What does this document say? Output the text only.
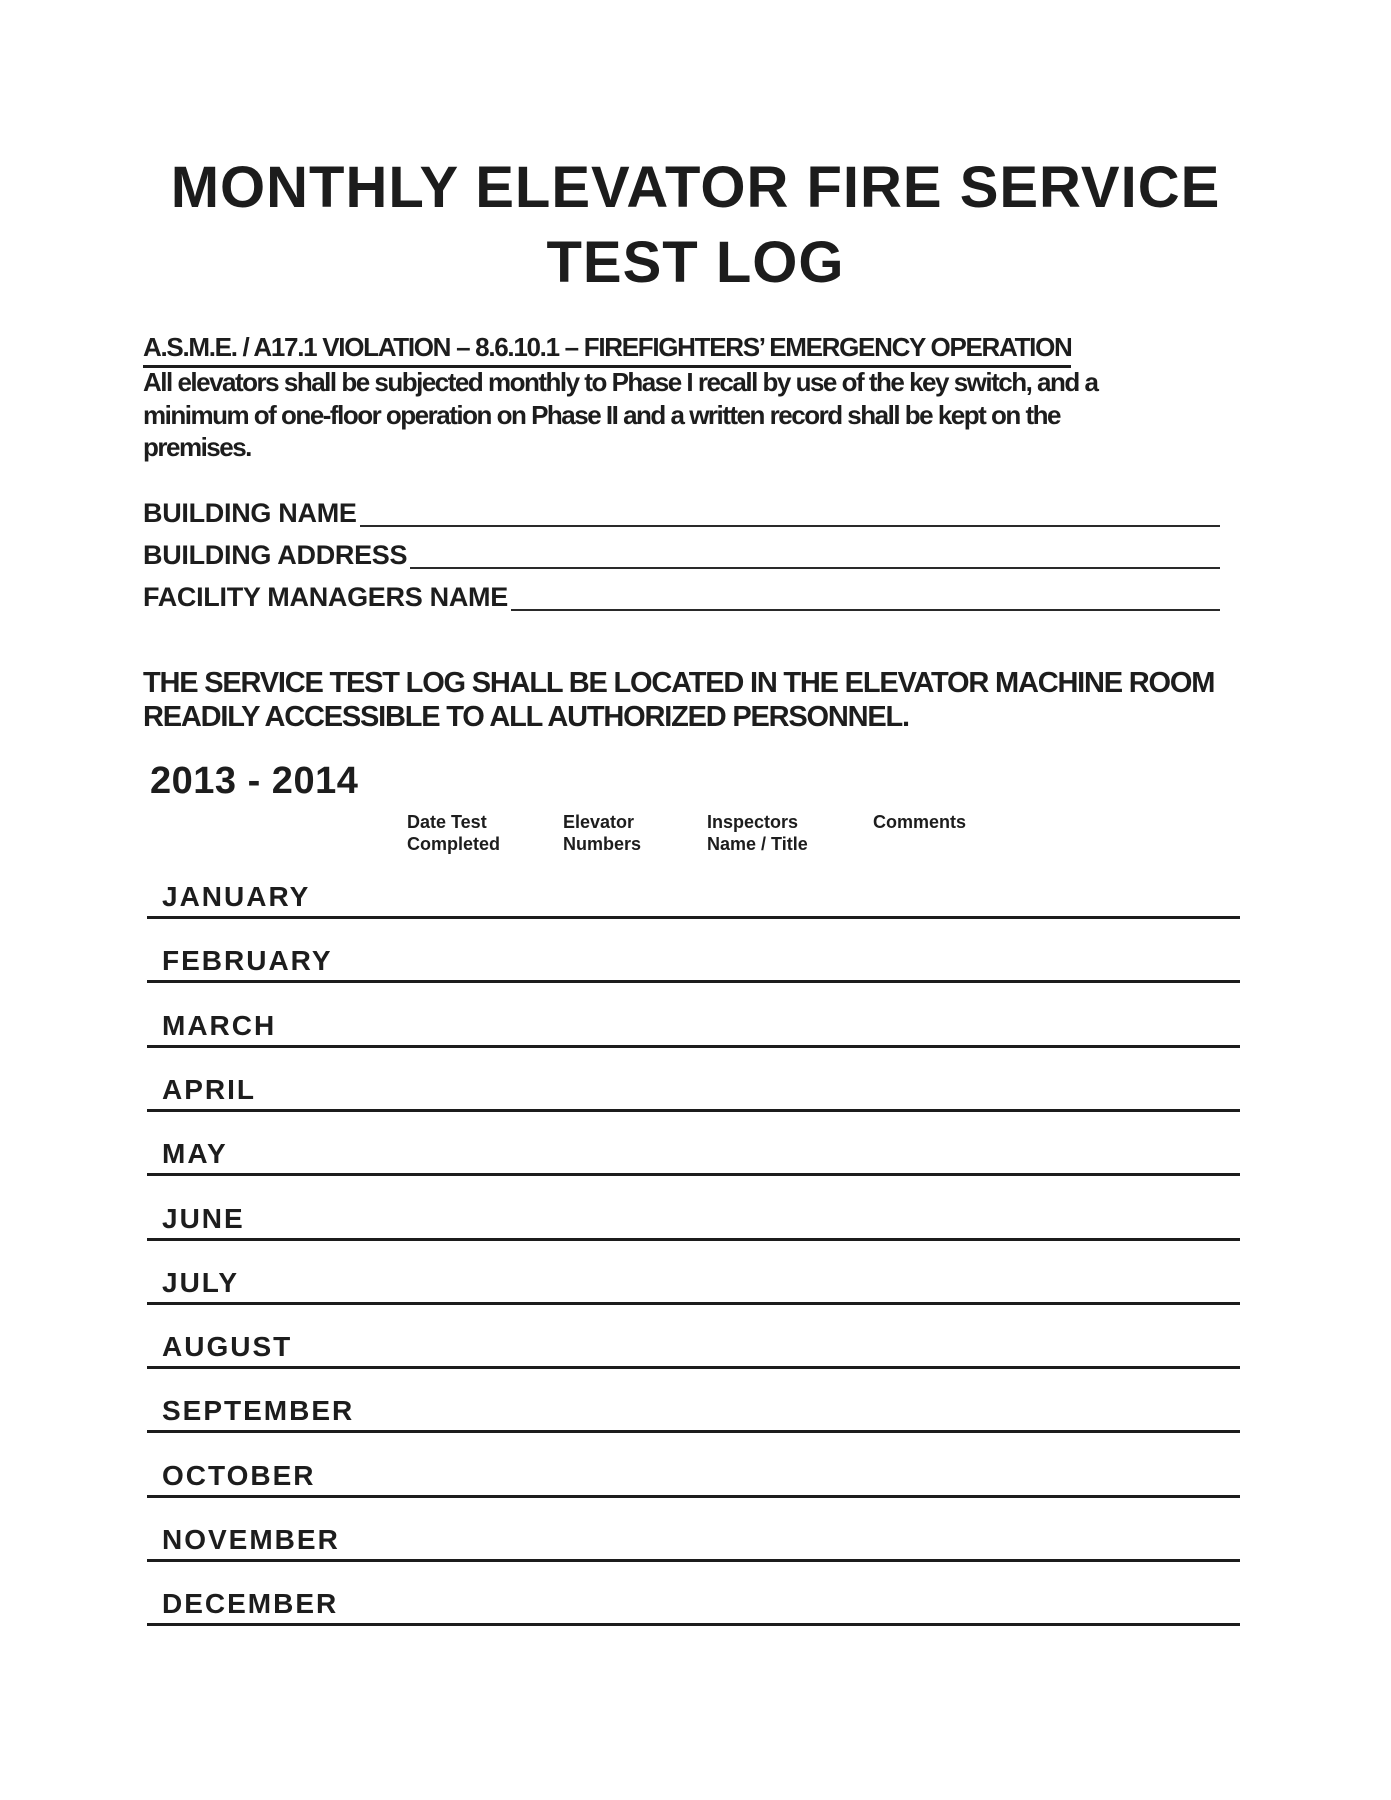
MONTHLY ELEVATOR FIRE SERVICE
TEST LOG
A.S.M.E. / A17.1 VIOLATION – 8.6.10.1 – FIREFIGHTERS’ EMERGENCY OPERATION
All elevators shall be subjected monthly to Phase I recall by use of the key switch, and a
minimum of one-floor operation on Phase II and a written record shall be kept on the
premises.
BUILDING NAME
BUILDING ADDRESS
FACILITY MANAGERS NAME
THE SERVICE TEST LOG SHALL BE LOCATED IN THE ELEVATOR MACHINE ROOM
READILY ACCESSIBLE TO ALL AUTHORIZED PERSONNEL.
2013 - 2014
Date Test
Completed
Elevator
Numbers
Inspectors
Name / Title
Comments
JANUARY
FEBRUARY
MARCH
APRIL
MAY
JUNE
JULY
AUGUST
SEPTEMBER
OCTOBER
NOVEMBER
DECEMBER
